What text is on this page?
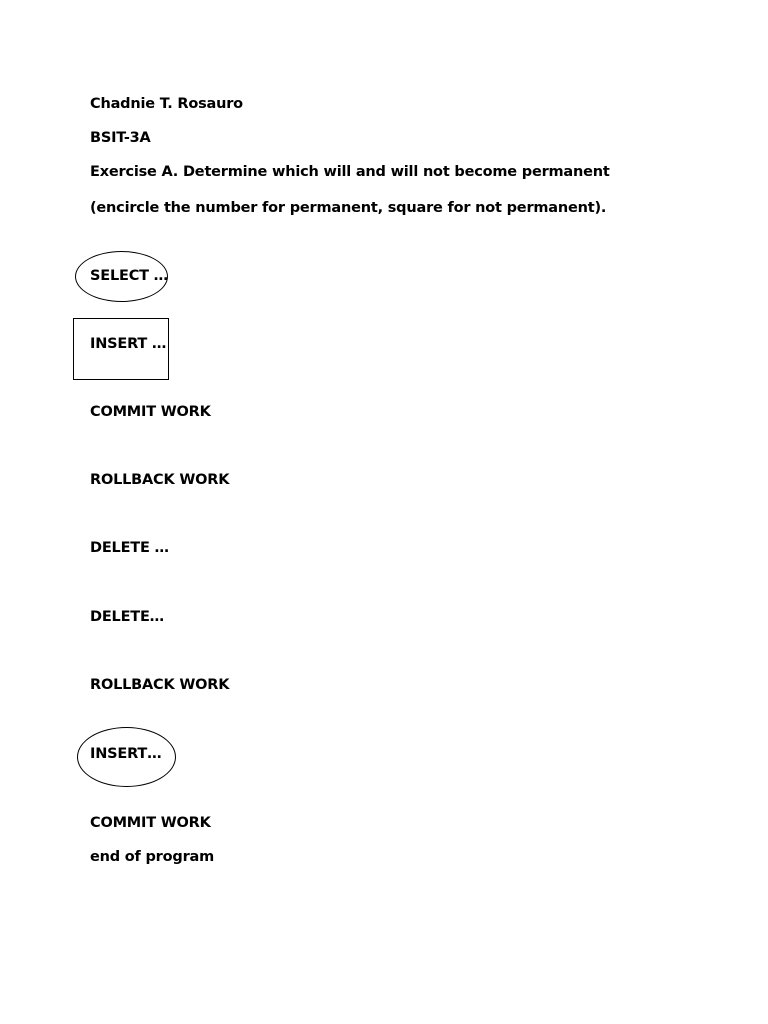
Chadnie T. Rosauro
BSIT-3A
Exercise A. Determine which will and will not become permanent
(encircle the number for permanent, square for not permanent).
SELECT …
INSERT …
COMMIT WORK
ROLLBACK WORK
DELETE …
DELETE…
ROLLBACK WORK
INSERT…
COMMIT WORK
end of program
